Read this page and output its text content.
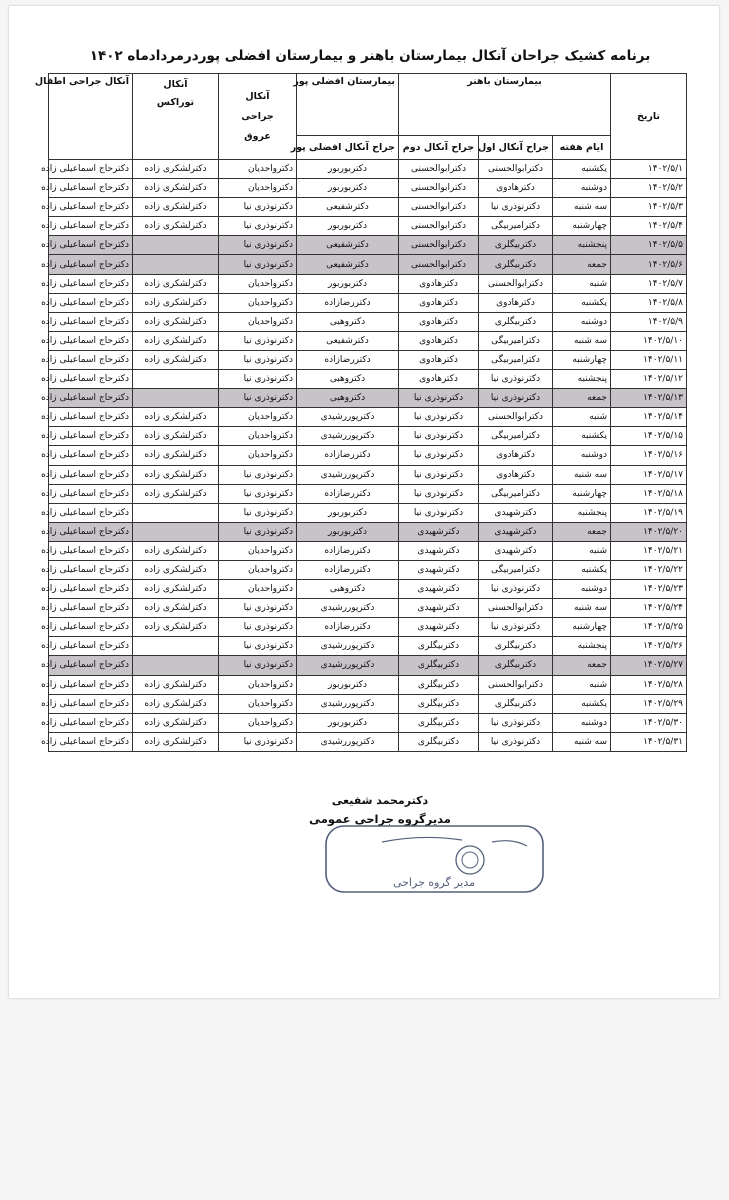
برنامه کشیک جراحان آنکال بیمارستان باهنر و بیمارستان افضلی پوردرمردادماه ۱۴۰۲
تاریخ	بیمارستان باهنر			بیمارستان افضلی پور	آنکال جراحی عروق	آنکال توراکس	آنکال جراحی اطفال
	ایام هفته	جراح آنکال اول	جراح آنکال دوم	جراح آنکال افضلی پور			
۱۴۰۲/۵/۱	یکشنبه	دکترابوالحسنی	دکترابوالحسنی	دکتربوربور	دکترواحدیان	دکترلشکری زاده	دکترحاج اسماعیلی زاده
۱۴۰۲/۵/۲	دوشنبه	دکترهادوی	دکترابوالحسنی	دکتربوربور	دکترواحدیان	دکترلشکری زاده	دکترحاج اسماعیلی زاده
۱۴۰۲/۵/۳	سه شنبه	دکترنوذری نیا	دکترابوالحسنی	دکترشفیعی	دکترنوذری نیا	دکترلشکری زاده	دکترحاج اسماعیلی زاده
۱۴۰۲/۵/۴	چهارشنبه	دکترامیربیگی	دکترابوالحسنی	دکتربوربور	دکترنوذری نیا	دکترلشکری زاده	دکترحاج اسماعیلی زاده
۱۴۰۲/۵/۵	پنجشنبه	دکتربیگلری	دکترابوالحسنی	دکترشفیعی	دکترنوذری نیا		دکترحاج اسماعیلی زاده
۱۴۰۲/۵/۶	جمعه	دکتربیگلری	دکترابوالحسنی	دکترشفیعی	دکترنوذری نیا		دکترحاج اسماعیلی زاده
۱۴۰۲/۵/۷	شنبه	دکترابوالحسنی	دکترهادوی	دکتربوربور	دکترواحدیان	دکترلشکری زاده	دکترحاج اسماعیلی زاده
۱۴۰۲/۵/۸	یکشنبه	دکترهادوی	دکترهادوی	دکتررضازاده	دکترواحدیان	دکترلشکری زاده	دکترحاج اسماعیلی زاده
۱۴۰۲/۵/۹	دوشنبه	دکتربیگلری	دکترهادوی	دکتروهبی	دکترواحدیان	دکترلشکری زاده	دکترحاج اسماعیلی زاده
۱۴۰۲/۵/۱۰	سه شنبه	دکترامیربیگی	دکترهادوی	دکترشفیعی	دکترنوذری نیا	دکترلشکری زاده	دکترحاج اسماعیلی زاده
۱۴۰۲/۵/۱۱	چهارشنبه	دکترامیربیگی	دکترهادوی	دکتررضازاده	دکترنوذری نیا	دکترلشکری زاده	دکترحاج اسماعیلی زاده
۱۴۰۲/۵/۱۲	پنجشنبه	دکترنوذری نیا	دکترهادوی	دکتروهبی	دکترنوذری نیا		دکترحاج اسماعیلی زاده
۱۴۰۲/۵/۱۳	جمعه	دکترنوذری نیا	دکترنوذری نیا	دکتروهبی	دکترنوذری نیا		دکترحاج اسماعیلی زاده
۱۴۰۲/۵/۱۴	شنبه	دکترابوالحسنی	دکترنوذری نیا	دکترپوررشیدی	دکترواحدیان	دکترلشکری زاده	دکترحاج اسماعیلی زاده
۱۴۰۲/۵/۱۵	یکشنبه	دکترامیربیگی	دکترنوذری نیا	دکترپوررشیدی	دکترواحدیان	دکترلشکری زاده	دکترحاج اسماعیلی زاده
۱۴۰۲/۵/۱۶	دوشنبه	دکترهادوی	دکترنوذری نیا	دکتررضازاده	دکترواحدیان	دکترلشکری زاده	دکترحاج اسماعیلی زاده
۱۴۰۲/۵/۱۷	سه شنبه	دکترهادوی	دکترنوذری نیا	دکترپوررشیدی	دکترنوذری نیا	دکترلشکری زاده	دکترحاج اسماعیلی زاده
۱۴۰۲/۵/۱۸	چهارشنبه	دکترامیربیگی	دکترنوذری نیا	دکتررضازاده	دکترنوذری نیا	دکترلشکری زاده	دکترحاج اسماعیلی زاده
۱۴۰۲/۵/۱۹	پنجشنبه	دکترشهیدی	دکترنوذری نیا	دکتربوربور	دکترنوذری نیا		دکترحاج اسماعیلی زاده
۱۴۰۲/۵/۲۰	جمعه	دکترشهیدی	دکترشهیدی	دکتربوربور	دکترنوذری نیا		دکترحاج اسماعیلی زاده
۱۴۰۲/۵/۲۱	شنبه	دکترشهیدی	دکترشهیدی	دکتررضازاده	دکترواحدیان	دکترلشکری زاده	دکترحاج اسماعیلی زاده
۱۴۰۲/۵/۲۲	یکشنبه	دکترامیربیگی	دکترشهیدی	دکتررضازاده	دکترواحدیان	دکترلشکری زاده	دکترحاج اسماعیلی زاده
۱۴۰۲/۵/۲۳	دوشنبه	دکترنوذری نیا	دکترشهیدی	دکتروهبی	دکترواحدیان	دکترلشکری زاده	دکترحاج اسماعیلی زاده
۱۴۰۲/۵/۲۴	سه شنبه	دکترابوالحسنی	دکترشهیدی	دکترپوررشیدی	دکترنوذری نیا	دکترلشکری زاده	دکترحاج اسماعیلی زاده
۱۴۰۲/۵/۲۵	چهارشنبه	دکترنوذری نیا	دکترشهیدی	دکتررضازاده	دکترنوذری نیا	دکترلشکری زاده	دکترحاج اسماعیلی زاده
۱۴۰۲/۵/۲۶	پنجشنبه	دکتربیگلری	دکتربیگلری	دکترپوررشیدی	دکترنوذری نیا		دکترحاج اسماعیلی زاده
۱۴۰۲/۵/۲۷	جمعه	دکتربیگلری	دکتربیگلری	دکترپوررشیدی	دکترنوذری نیا		دکترحاج اسماعیلی زاده
۱۴۰۲/۵/۲۸	شنبه	دکترابوالحسنی	دکتربیگلری	دکتربوربور	دکترواحدیان	دکترلشکری زاده	دکترحاج اسماعیلی زاده
۱۴۰۲/۵/۲۹	یکشنبه	دکتربیگلری	دکتربیگلری	دکترپوررشیدی	دکترواحدیان	دکترلشکری زاده	دکترحاج اسماعیلی زاده
۱۴۰۲/۵/۳۰	دوشنبه	دکترنوذری نیا	دکتربیگلری	دکتربوربور	دکترواحدیان	دکترلشکری زاده	دکترحاج اسماعیلی زاده
۱۴۰۲/۵/۳۱	سه شنبه	دکترنوذری نیا	دکتربیگلری	دکترپوررشیدی	دکترنوذری نیا	دکترلشکری زاده	دکترحاج اسماعیلی زاده
دکترمحمد شفیعی
مدیرگروه جراحی عمومی
مدیر گروه جراحی
